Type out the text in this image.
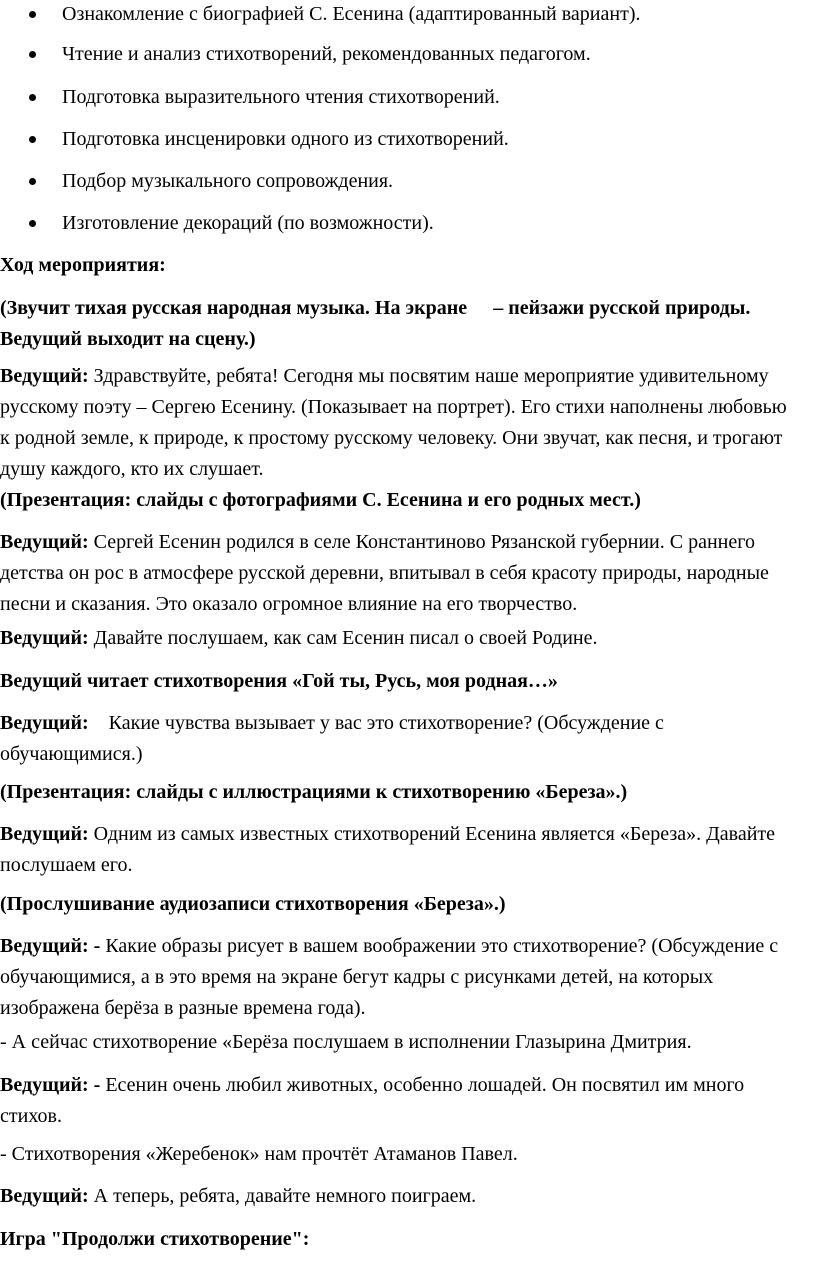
Ознакомление с биографией С. Есенина (адаптированный вариант).
Чтение и анализ стихотворений, рекомендованных педагогом.
Подготовка выразительного чтения стихотворений.
Подготовка инсценировки одного из стихотворений.
Подбор музыкального сопровождения.
Изготовление декораций (по возможности).
Ход мероприятия:
(Звучит тихая русская народная музыка. На экране – пейзажи русской природы.
Ведущий выходит на сцену.)
Ведущий: Здравствуйте, ребята! Сегодня мы посвятим наше мероприятие удивительному
русскому поэту – Сергею Есенину. (Показывает на портрет). Его стихи наполнены любовью
к родной земле, к природе, к простому русскому человеку. Они звучат, как песня, и трогают
душу каждого, кто их слушает.
(Презентация: слайды с фотографиями С. Есенина и его родных мест.)
Ведущий: Сергей Есенин родился в селе Константиново Рязанской губернии. С раннего
детства он рос в атмосфере русской деревни, впитывал в себя красоту природы, народные
песни и сказания. Это оказало огромное влияние на его творчество.
Ведущий: Давайте послушаем, как сам Есенин писал о своей Родине.
Ведущий читает стихотворения «Гой ты, Русь, моя родная…»
Ведущий: Какие чувства вызывает у вас это стихотворение? (Обсуждение с
обучающимися.)
(Презентация: слайды с иллюстрациями к стихотворению «Береза».)
Ведущий: Одним из самых известных стихотворений Есенина является «Береза». Давайте
послушаем его.
(Прослушивание аудиозаписи стихотворения «Береза».)
Ведущий: - Какие образы рисует в вашем воображении это стихотворение? (Обсуждение с
обучающимися, а в это время на экране бегут кадры с рисунками детей, на которых
изображена берёза в разные времена года).
- А сейчас стихотворение «Берёза послушаем в исполнении Глазырина Дмитрия.
Ведущий: - Есенин очень любил животных, особенно лошадей. Он посвятил им много
стихов.
- Стихотворения «Жеребенок» нам прочтёт Атаманов Павел.
Ведущий: А теперь, ребята, давайте немного поиграем.
Игра "Продолжи стихотворение":
